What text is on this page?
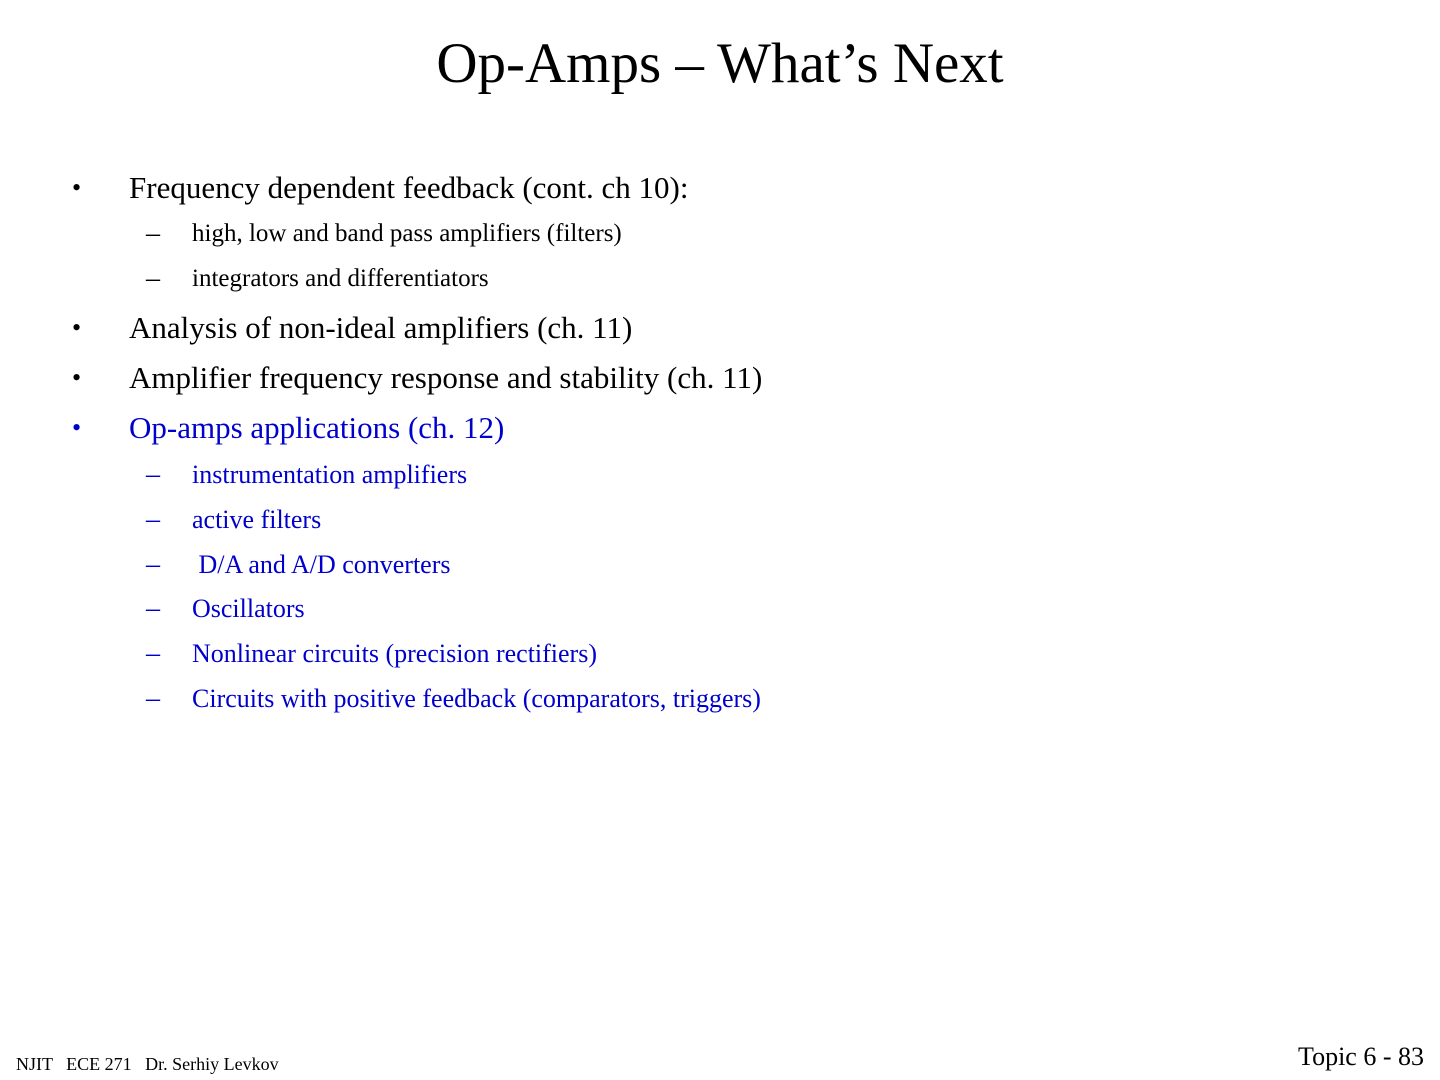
Op-Amps – What’s Next
• Frequency dependent feedback (cont. ch 10):
– high, low and band pass amplifiers (filters)
– integrators and differentiators
• Analysis of non-ideal amplifiers (ch. 11)
• Amplifier frequency response and stability (ch. 11)
• Op-amps applications (ch. 12)
– instrumentation amplifiers
– active filters
– D/A and A/D converters
– Oscillators
– Nonlinear circuits (precision rectifiers)
– Circuits with positive feedback (comparators, triggers)
NJIT   ECE 271   Dr. Serhiy Levkov	Topic 6 - 83
